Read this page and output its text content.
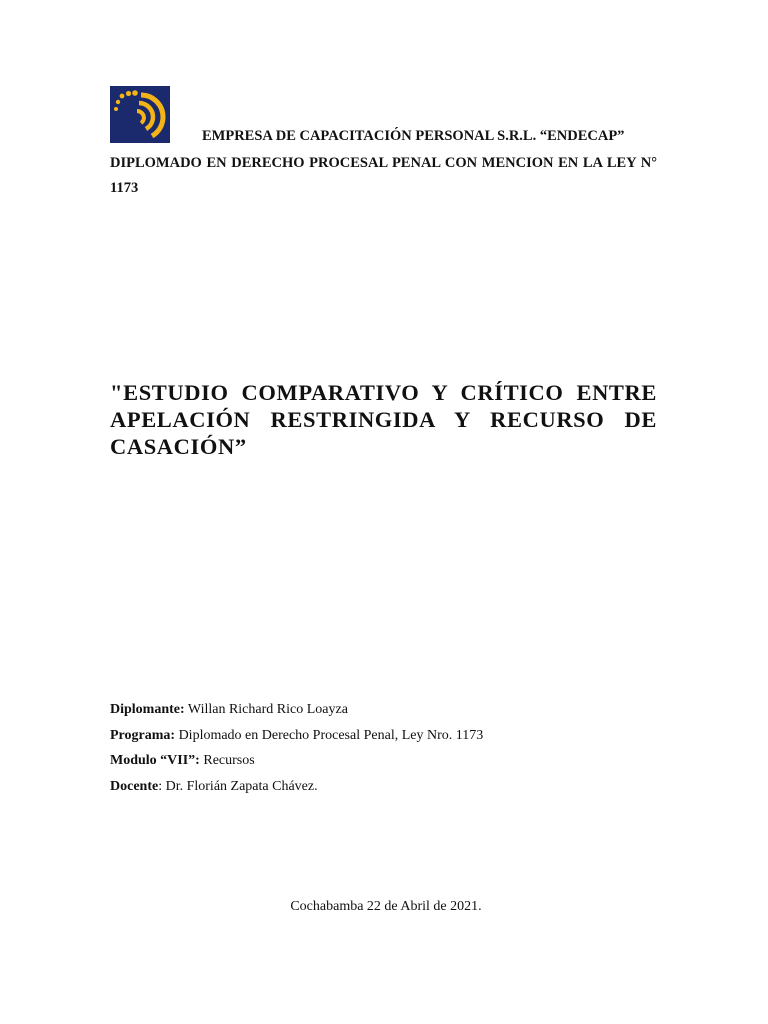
EMPRESA DE CAPACITACIÓN PERSONAL S.R.L. “ENDECAP”
DIPLOMADO EN DERECHO PROCESAL PENAL CON MENCION EN LA LEY N° 1173
"ESTUDIO COMPARATIVO Y CRÍTICO ENTRE APELACIÓN RESTRINGIDA Y RECURSO DE CASACIÓN”
Diplomante: Willan Richard Rico Loayza
Programa: Diplomado en Derecho Procesal Penal, Ley Nro. 1173
Modulo “VII”: Recursos
Docente: Dr. Florián Zapata Chávez.
Cochabamba 22 de Abril de 2021.
